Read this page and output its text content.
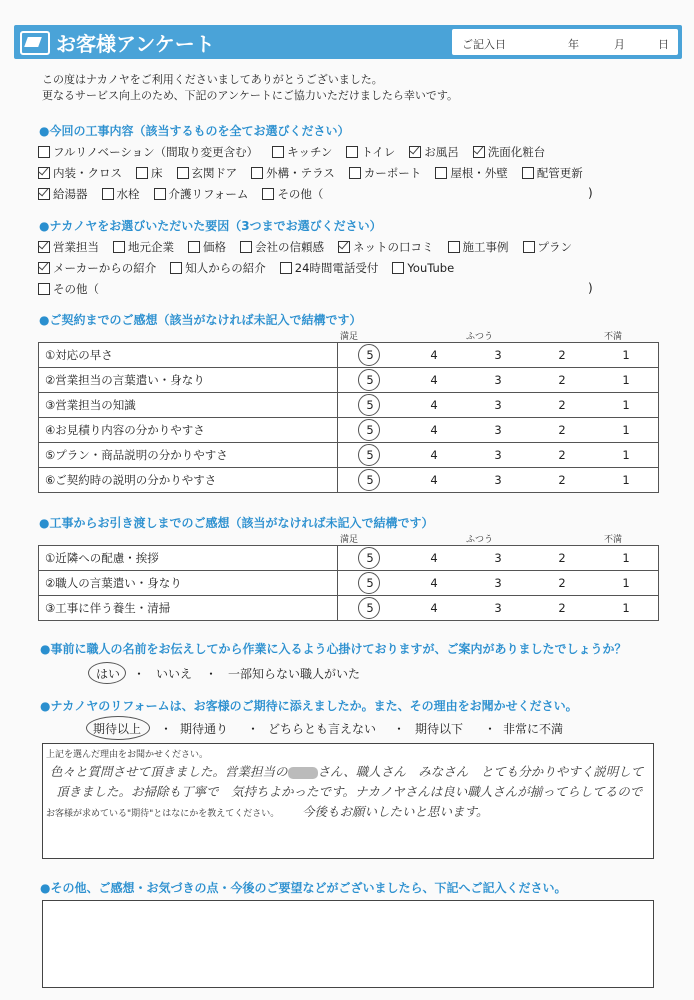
お客様アンケート	ご記入日	年	月	日
この度はナカノヤをご利用くださいましてありがとうございました。
更なるサービス向上のため、下記のアンケートにご協力いただけましたら幸いです。
●今回の工事内容（該当するものを全てお選びください）
フルリノベーション（間取り変更含む）	キッチン	トイレ	お風呂	洗面化粧台
内装・クロス	床	玄関ドア	外構・テラス	カーポート	屋根・外壁	配管更新
給湯器	水栓	介護リフォーム	その他（	)
●ナカノヤをお選びいただいた要因（3つまでお選びください）
営業担当	地元企業	価格	会社の信頼感	ネットの口コミ	施工事例	プラン
メーカーからの紹介	知人からの紹介	24時間電話受付	YouTube
その他（	)
●ご契約までのご感想（該当がなければ未記入で結構です）
満足	ふつう	不満
①対応の早さ	5	4	3	2	1
②営業担当の言葉遣い・身なり	5	4	3	2	1
③営業担当の知識	5	4	3	2	1
④お見積り内容の分かりやすさ	5	4	3	2	1
⑤プラン・商品説明の分かりやすさ	5	4	3	2	1
⑥ご契約時の説明の分かりやすさ	5	4	3	2	1
●工事からお引き渡しまでのご感想（該当がなければ未記入で結構です）
満足	ふつう	不満
①近隣への配慮・挨拶	5	4	3	2	1
②職人の言葉遣い・身なり	5	4	3	2	1
③工事に伴う養生・清掃	5	4	3	2	1
●事前に職人の名前をお伝えしてから作業に入るよう心掛けておりますが、ご案内がありましたでしょうか？
はい ・ いいえ ・ 一部知らない職人がいた
●ナカノヤのリフォームは、お客様のご期待に添えましたか。また、その理由をお聞かせください。
期待以上 ・ 期待通り ・ どちらとも言えない ・ 期待以下 ・ 非常に不満
上記を選んだ理由をお聞かせください。
色々と質問させて頂きました。営業担当の さん、職人さん　みなさん　とても分かりやすく説明して
頂きました。お掃除も丁寧で　気持ちよかったです。ナカノヤさんは良い職人さんが揃ってらしてるので
お客様が求めている"期待"とはなにかを教えてください。 今後もお願いしたいと思います。
●その他、ご感想・お気づきの点・今後のご要望などがございましたら、下記へご記入ください。
